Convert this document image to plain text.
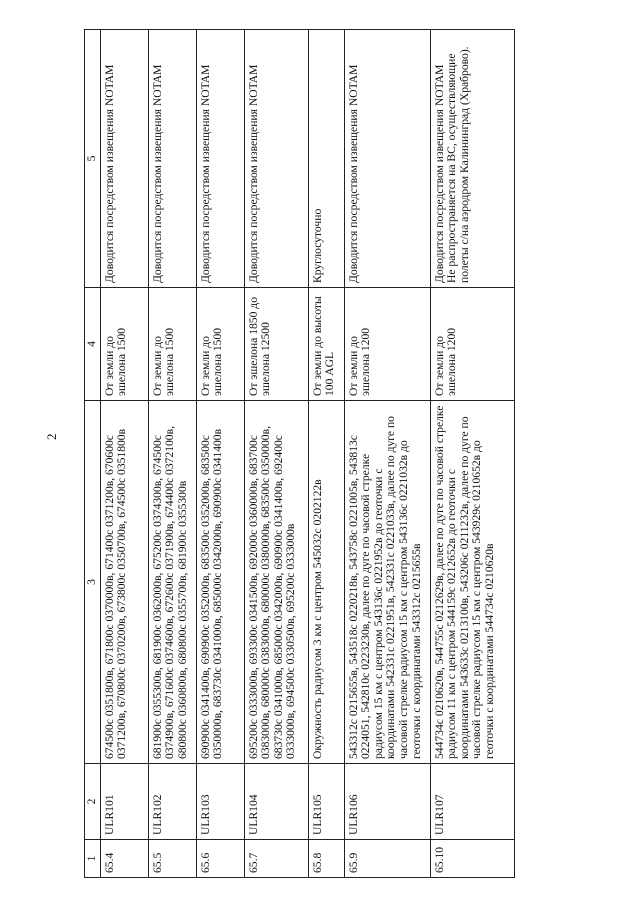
2
1	2	3	4	5
65.4	ULR101	674500с 0351800в, 671800с 0370000в, 671400с 0371200в, 670600с 0371200в, 670800с 0370200в, 673800с 0350700в, 674500с 0351800в	От земли до эшелона 1500	Доводится посредством извещения NOTAM
65.5	ULR102	681900с 0355300в, 681900с 0362000в, 675200с 0374300в, 674500с 0374900в, 671600с 0374600в, 672600с 0371900в, 674400с 0372100в, 680800с 0360800в, 680800с 0355700в, 681900с 0355300в	От земли до эшелона 1500	Доводится посредством извещения NOTAM
65.6	ULR103	690900с 0341400в, 690900с 0352000в, 683500с 0352000в, 683500с 0350000в, 683730с 0341000в, 685000с 0342000в, 690900с 0341400в	От земли до эшелона 1500	Доводится посредством извещения NOTAM
65.7	ULR104	695200с 0333000в, 693300с 0341500в, 692000с 0360000в, 683700с 0383000в, 680000с 0383000в, 680000с 0380000в, 683500с 0350000в, 683730с 0341000в, 685000с 0342000в, 690900с 0341400в, 692400с 0333000в, 694500с 0330500в, 695200с 0333000в	От эшелона 1850 до эшелона 12500	Доводится посредством извещения NOTAM
65.8	ULR105	Окружность радиусом 3 км с центром 545032с 0202122в	От земли до высоты 100 AGL	Круглосуточно
65.9	ULR106	543312с 0215655в, 543518с 0220218в, 543758с 0221005в, 543813с 0224051, 542810с 0223230в, далее по дуге по часовой стрелке радиусом 15 км с центром 543136с 0221952в до геоточки с координатами 542331с 0221951в, 542331с 0221033в, далее по дуге по часовой стрелке радиусом 15 км с центром 543136с 0221032в до геоточки с координатами 543312с 0215655в	От земли до эшелона 1200	Доводится посредством извещения NOTAM
65.10	ULR107	544734с 0210620в, 544755с 0212629в, далее по дуге по часовой стрелке радиусом 11 км с центром 544159с 0212652в до геоточки с координатами 543633с 0213100в, 543206с 0211232в, далее по дуге по часовой стрелке радиусом 15 км с центром 543929с 0210652в до геоточки с координатами 544734с 0210620в	От земли до эшелона 1200	Доводится посредством извещения NOTAM
Не распространяется на ВС, осуществляющие полеты с/на аэродром Калининград (Храброво).
